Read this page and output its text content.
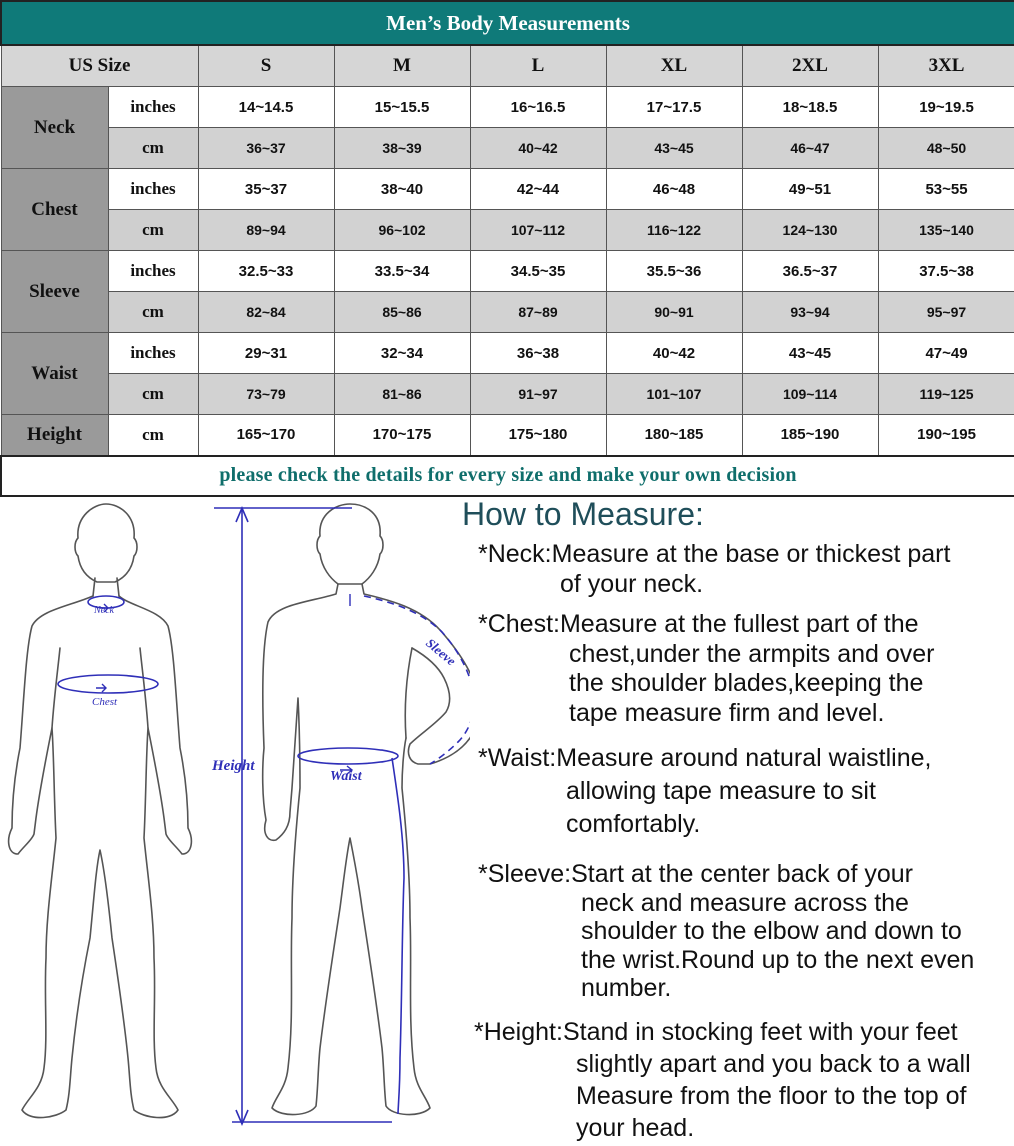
Men’s Body Measurements							
US Size		S	M	L	XL	2XL	3XL
Neck	inches	14~14.5	15~15.5	16~16.5	17~17.5	18~18.5	19~19.5
	cm	36~37	38~39	40~42	43~45	46~47	48~50
Chest	inches	35~37	38~40	42~44	46~48	49~51	53~55
	cm	89~94	96~102	107~112	116~122	124~130	135~140
Sleeve	inches	32.5~33	33.5~34	34.5~35	35.5~36	36.5~37	37.5~38
	cm	82~84	85~86	87~89	90~91	93~94	95~97
Waist	inches	29~31	32~34	36~38	40~42	43~45	47~49
	cm	73~79	81~86	91~97	101~107	109~114	119~125
Height	cm	165~170	170~175	175~180	180~185	185~190	190~195
please check the details for every size and make your own decision							
Neck
Chest
Height
Waist
Sleeve
How to Measure:
*Neck:Measure at the base or thickest part
of your neck.
*Chest:Measure at the fullest part of the
chest,under the armpits and over
the shoulder blades,keeping the
tape measure firm and level.
*Waist:Measure around natural waistline,
allowing tape measure to sit
comfortably.
*Sleeve:Start at the center back of your
neck and measure across the
shoulder to the elbow and down to
the wrist.Round up to the next even
number.
*Height:Stand in stocking feet with your feet
slightly apart and you back to a wall
Measure from the floor to the top of
your head.
